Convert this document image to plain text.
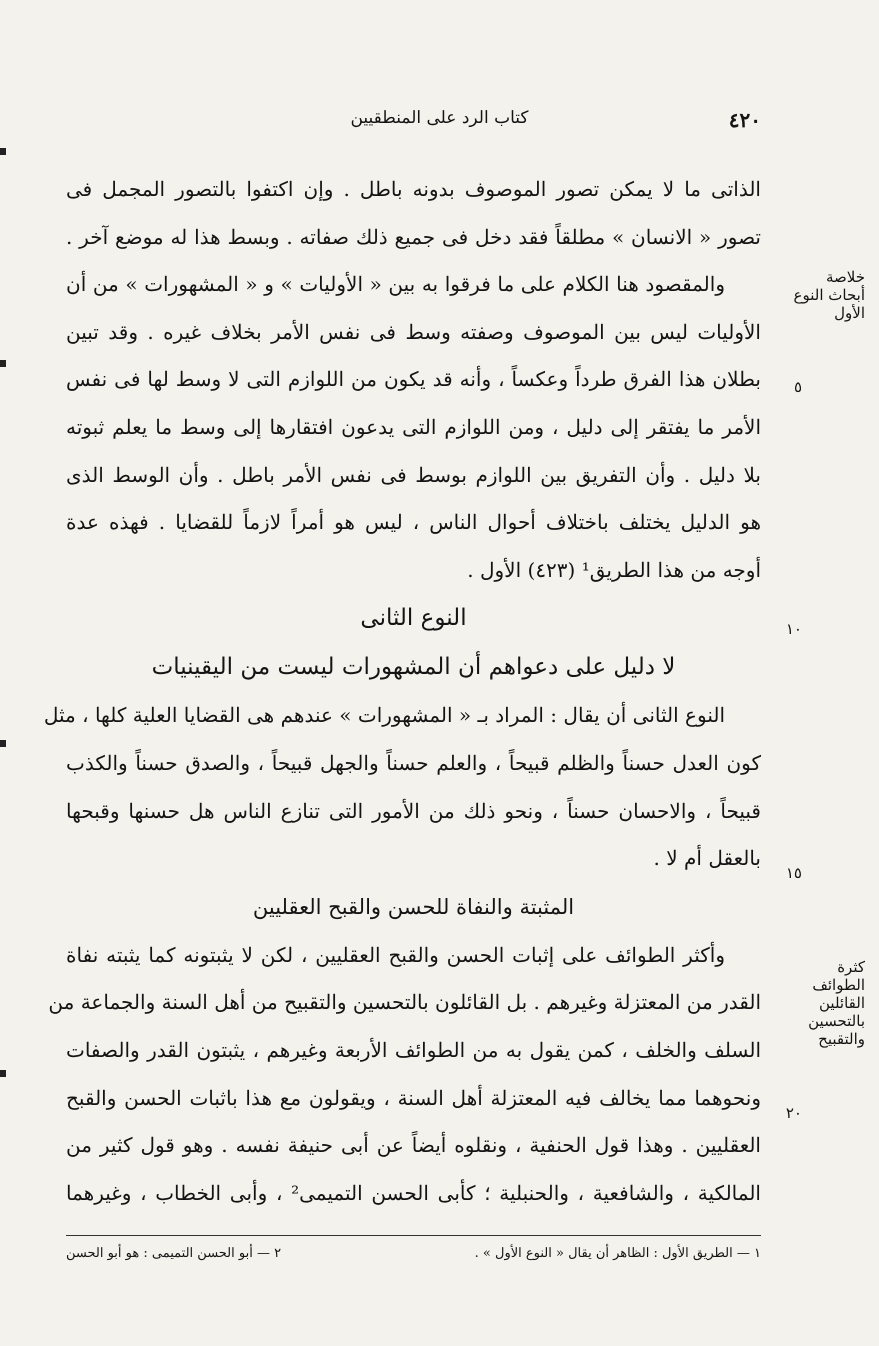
٤٢٠
كتاب الرد على المنطقيين
الذاتى ما لا يمكن تصور الموصوف بدونه باطل . وإن اكتفوا بالتصور المجمل فى
تصور « الانسان » مطلقاً فقد دخل فى جميع ذلك صفاته . وبسط هذا له موضع آخر .
والمقصود هنا الكلام على ما فرقوا به بين « الأوليات » و « المشهورات » من أن
الأوليات ليس بين الموصوف وصفته وسط فى نفس الأمر بخلاف غيره . وقد تبين
بطلان هذا الفرق طرداً وعكساً ، وأنه قد يكون من اللوازم التى لا وسط لها فى نفس
الأمر ما يفتقر إلى دليل ، ومن اللوازم التى يدعون افتقارها إلى وسط ما يعلم ثبوته
بلا دليل . وأن التفريق بين اللوازم بوسط فى نفس الأمر باطل . وأن الوسط الذى
هو الدليل يختلف باختلاف أحوال الناس ، ليس هو أمراً لازماً للقضايا . فهذه عدة
أوجه من هذا الطريق¹ (٤٢٣) الأول .
النوع الثانى
لا دليل على دعواهم أن المشهورات ليست من اليقينيات
النوع الثانى أن يقال : المراد بـ « المشهورات » عندهم هى القضايا العلية كلها ، مثل
كون العدل حسناً والظلم قبيحاً ، والعلم حسناً والجهل قبيحاً ، والصدق حسناً والكذب
قبيحاً ، والاحسان حسناً ، ونحو ذلك من الأمور التى تنازع الناس هل حسنها وقبحها
بالعقل أم لا .
المثبتة والنفاة للحسن والقبح العقليين
وأكثر الطوائف على إثبات الحسن والقبح العقليين ، لكن لا يثبتونه كما يثبته نفاة
القدر من المعتزلة وغيرهم . بل القائلون بالتحسين والتقبيح من أهل السنة والجماعة من
السلف والخلف ، كمن يقول به من الطوائف الأربعة وغيرهم ، يثبتون القدر والصفات
ونحوهما مما يخالف فيه المعتزلة أهل السنة ، ويقولون مع هذا باثبات الحسن والقبح
العقليين . وهذا قول الحنفية ، ونقلوه أيضاً عن أبى حنيفة نفسه . وهو قول كثير من
المالكية ، والشافعية ، والحنبلية ؛ كأبى الحسن التميمى² ، وأبى الخطاب ، وغيرهما
خلاصة أبحاث النوع الأول
كثرة الطوائف القائلين بالتحسين والتقبيح
٥
١٠
١٥
٢٠
١ — الطريق الأول : الظاهر أن يقال « النوع الأول » .
٢ — أبو الحسن التميمى : هو أبو الحسن
